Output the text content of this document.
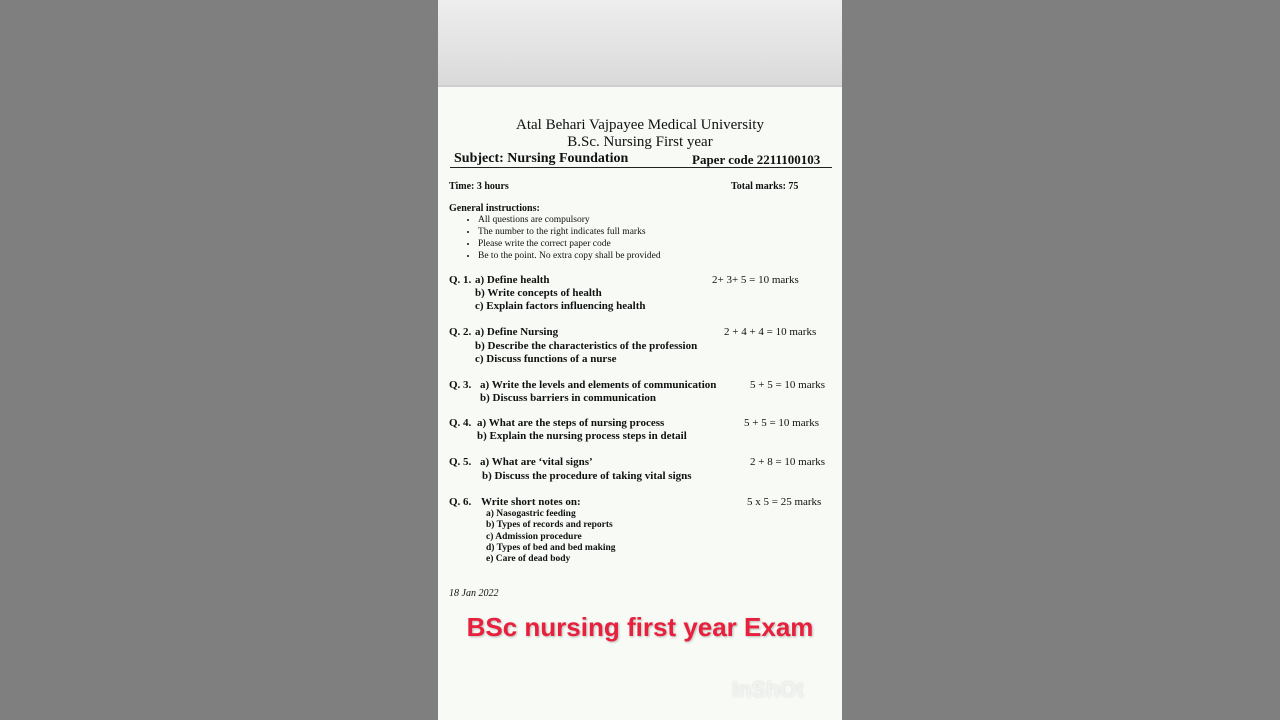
Atal Behari Vajpayee Medical University
B.Sc. Nursing First year
Subject: Nursing Foundation	Paper code 2211100103
Time: 3 hours	Total marks: 75
General instructions:
• All questions are compulsory
• The number to the right indicates full marks
• Please write the correct paper code
• Be to the point. No extra copy shall be provided
Q. 1. a) Define health
b) Write concepts of health
c) Explain factors influencing health
2+ 3+ 5 = 10 marks
Q. 2. a) Define Nursing
b) Describe the characteristics of the profession
c) Discuss functions of a nurse
2 + 4 + 4 = 10 marks
Q. 3. a) Write the levels and elements of communication
b) Discuss barriers in communication
5 + 5 = 10 marks
Q. 4. a) What are the steps of nursing process
b) Explain the nursing process steps in detail
5 + 5 = 10 marks
Q. 5. a) What are ‘vital signs’
b) Discuss the procedure of taking vital signs
2 + 8 = 10 marks
Q. 6. Write short notes on:	5 x 5 = 25 marks
a) Nasogastric feeding
b) Types of records and reports
c) Admission procedure
d) Types of bed and bed making
e) Care of dead body
18 Jan 2022
BSc nursing first year Exam
InShOt
